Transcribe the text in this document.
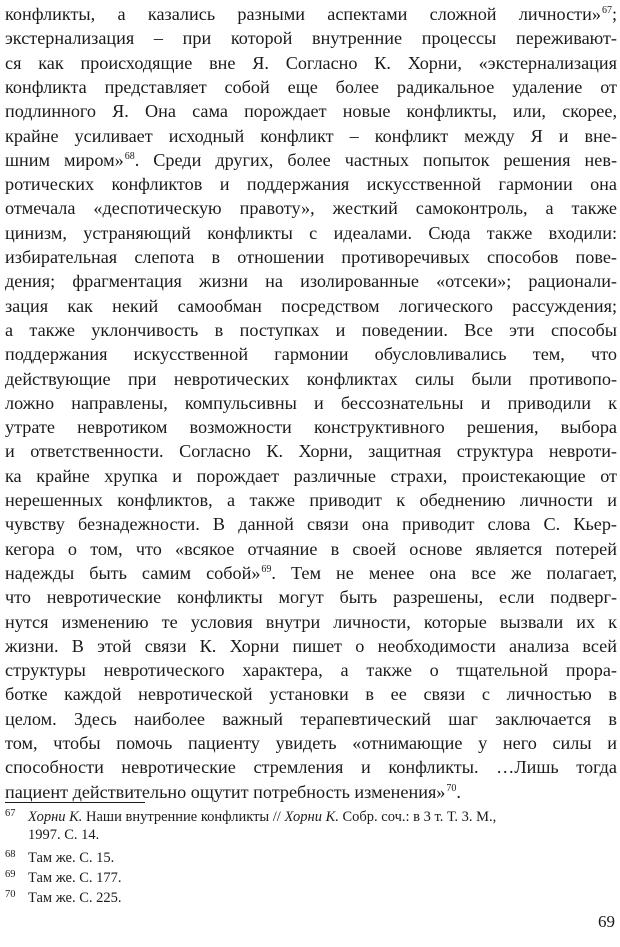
конфликты, а казались разными аспектами сложной личности»$^{67}$;
экстернализация – при которой внутренние процессы переживают-
ся как происходящие вне Я. Согласно К. Хорни, «экстернализация
конфликта представляет собой еще более радикальное удаление от
подлинного Я. Она сама порождает новые конфликты, или, скорее,
крайне усиливает исходный конфликт – конфликт между Я и вне-
шним миром»$^{68}$. Среди других, более частных попыток решения нев-
ротических конфликтов и поддержания искусственной гармонии она
отмечала «деспотическую правоту», жесткий самоконтроль, а также
цинизм, устраняющий конфликты с идеалами. Сюда также входили:
избирательная слепота в отношении противоречивых способов пове-
дения; фрагментация жизни на изолированные «отсеки»; рационали-
зация как некий самообман посредством логического рассуждения;
а также уклончивость в поступках и поведении. Все эти способы
поддержания искусственной гармонии обусловливались тем, что
действующие при невротических конфликтах силы были противопо-
ложно направлены, компульсивны и бессознательны и приводили к
утрате невротиком возможности конструктивного решения, выбора
и ответственности. Согласно К. Хорни, защитная структура невроти-
ка крайне хрупка и порождает различные страхи, проистекающие от
нерешенных конфликтов, а также приводит к обеднению личности и
чувству безнадежности. В данной связи она приводит слова С. Кьер-
кегора о том, что «всякое отчаяние в своей основе является потерей
надежды быть самим собой»$^{69}$. Тем не менее она все же полагает,
что невротические конфликты могут быть разрешены, если подверг-
нутся изменению те условия внутри личности, которые вызвали их к
жизни. В этой связи К. Хорни пишет о необходимости анализа всей
структуры невротического характера, а также о тщательной прора-
ботке каждой невротической установки в ее связи с личностью в
целом. Здесь наиболее важный терапевтический шаг заключается в
том, чтобы помочь пациенту увидеть «отнимающие у него силы и
способности невротические стремления и конфликты. …Лишь тогда
пациент действительно ощутит потребность изменения»$^{70}$.
67 Хорни К. Наши внутренние конфликты // Хорни К. Собр. соч.: в 3 т. Т. 3. М.,
1997. С. 14.
68 Там же. С. 15.
69 Там же. С. 177.
70 Там же. С. 225.
69
